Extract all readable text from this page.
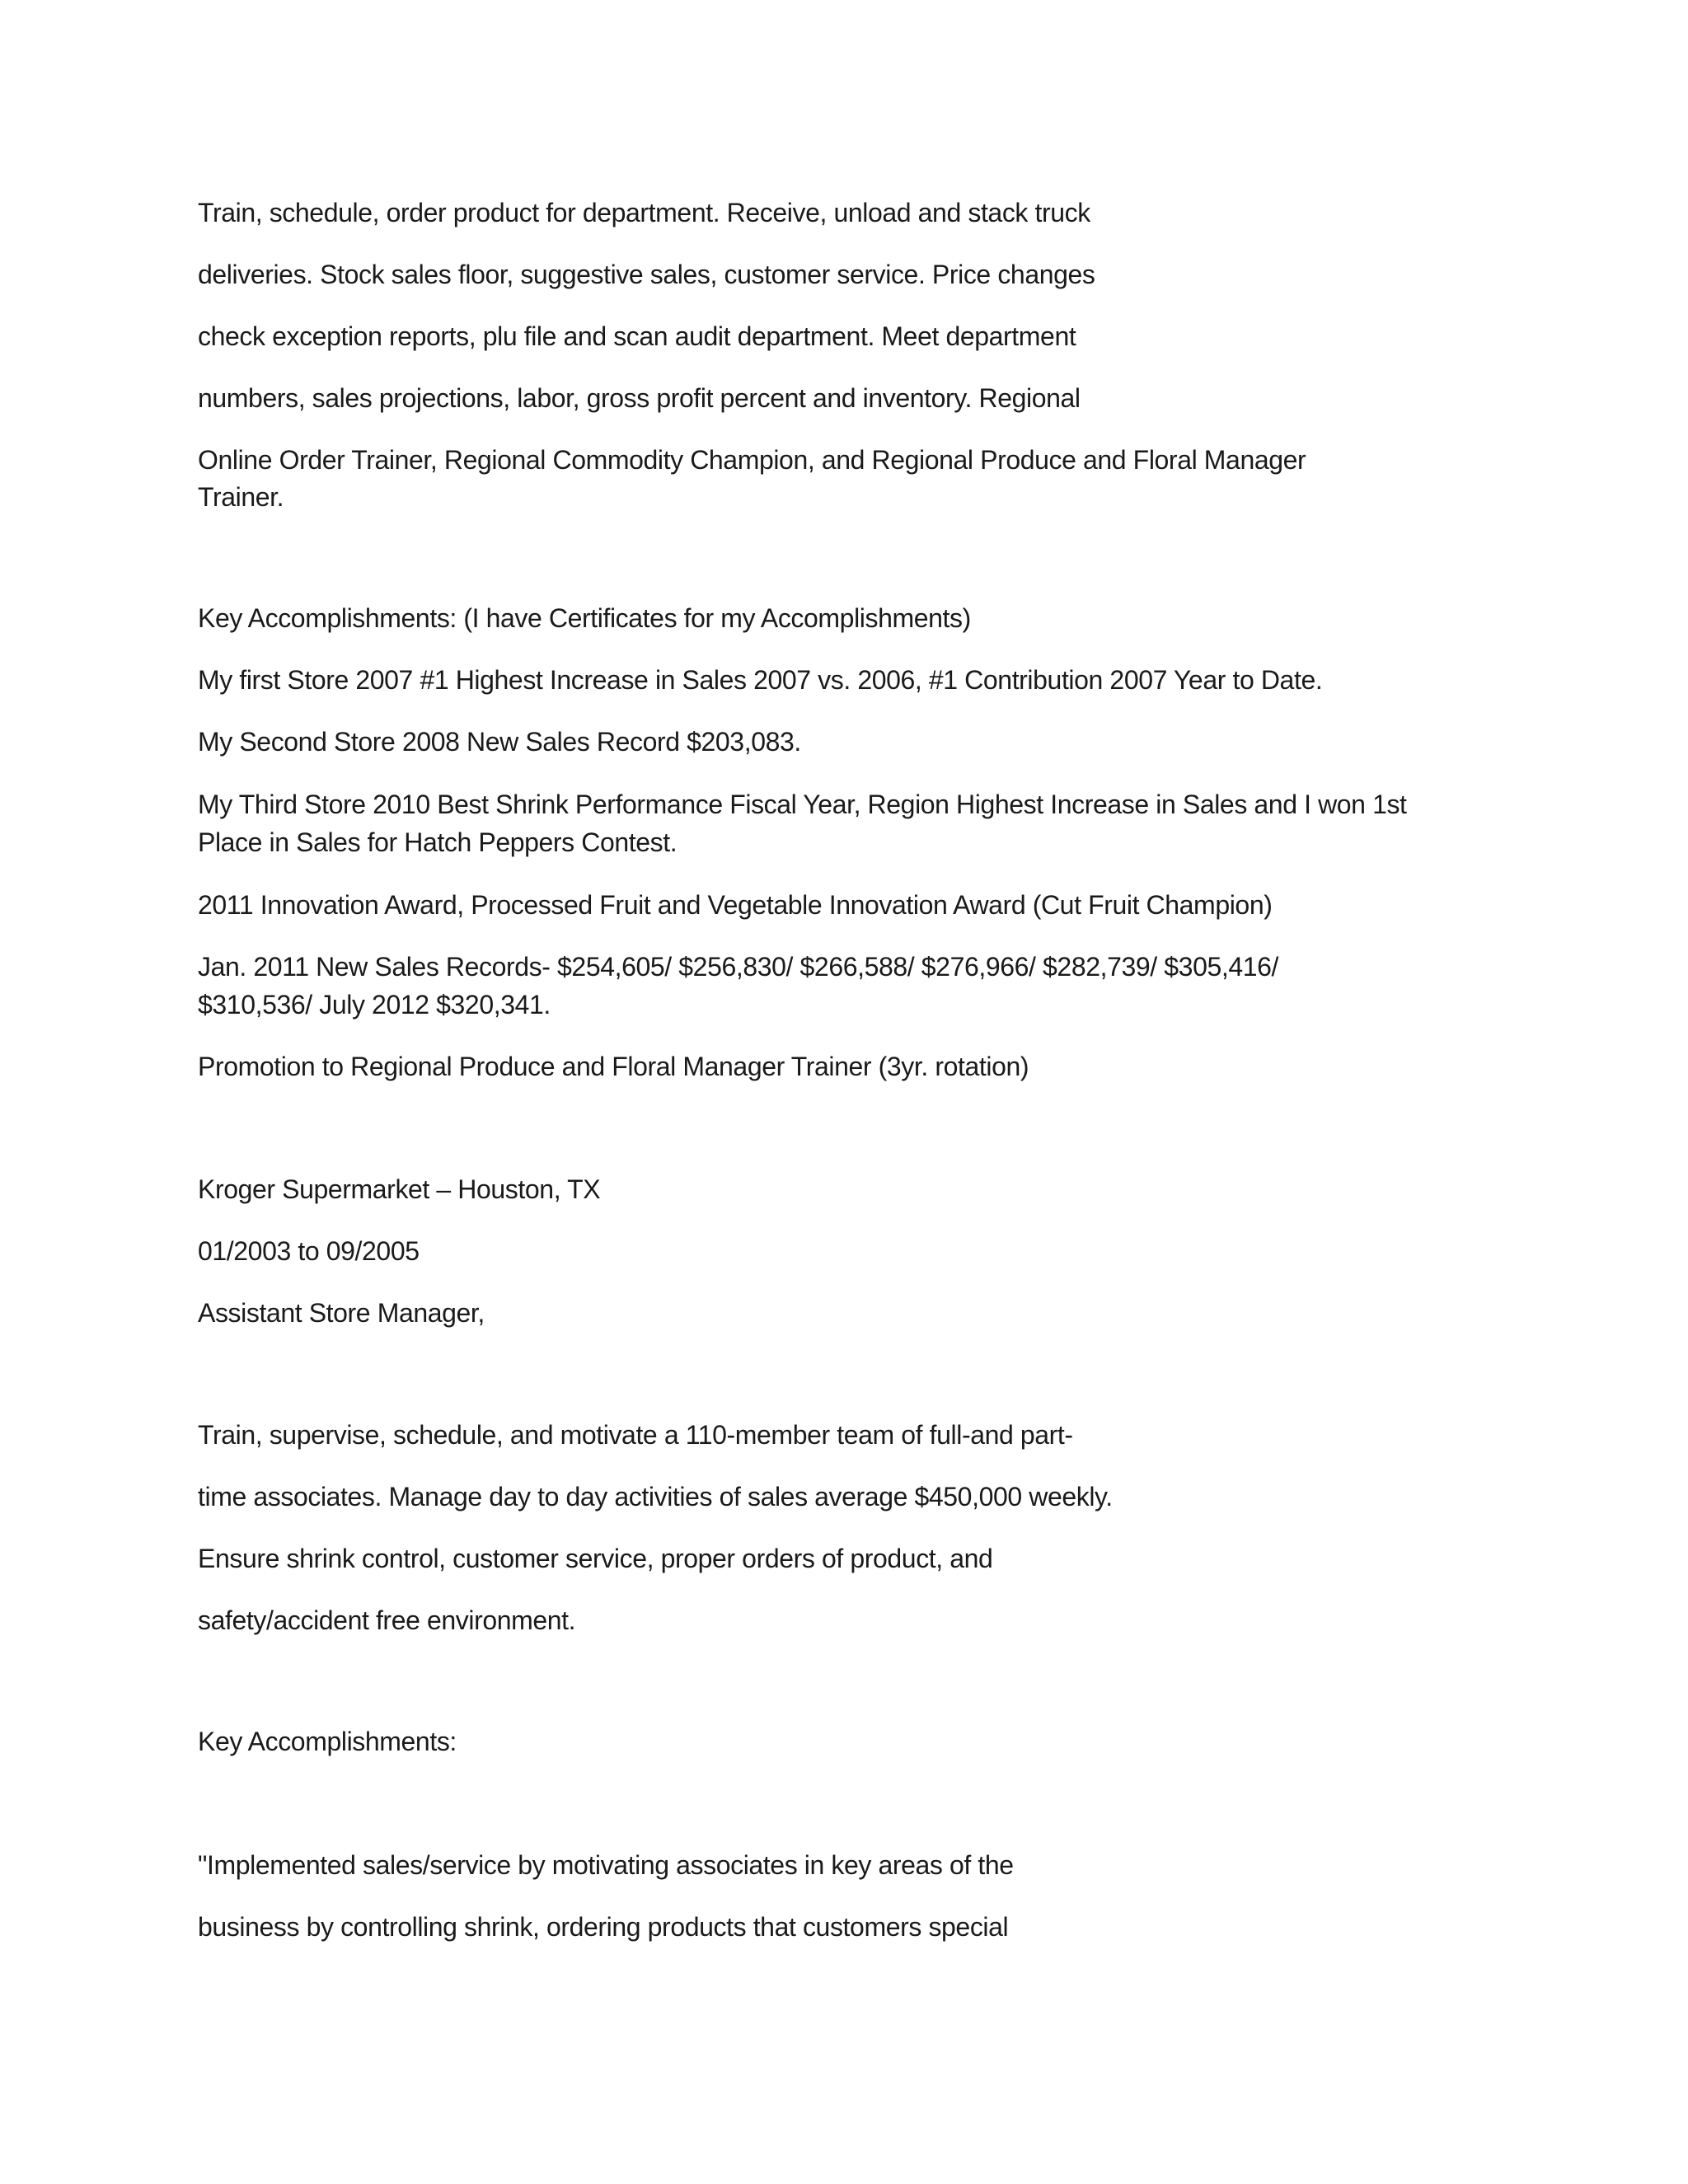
Train, schedule, order product for department. Receive, unload and stack truck

deliveries. Stock sales floor, suggestive sales, customer service. Price changes

check exception reports, plu file and scan audit department. Meet department

numbers, sales projections, labor, gross profit percent and inventory. Regional

Online Order Trainer, Regional Commodity Champion, and Regional Produce and Floral Manager

Trainer.

Key Accomplishments: (I have Certificates for my Accomplishments)

My first Store 2007 #1 Highest Increase in Sales 2007 vs. 2006, #1 Contribution 2007 Year to Date.

My Second Store 2008 New Sales Record $203,083.

My Third Store 2010 Best Shrink Performance Fiscal Year, Region Highest Increase in Sales and I won 1st

Place in Sales for Hatch Peppers Contest.

2011 Innovation Award, Processed Fruit and Vegetable Innovation Award (Cut Fruit Champion)

Jan. 2011 New Sales Records- $254,605/ $256,830/ $266,588/ $276,966/ $282,739/ $305,416/

$310,536/ July 2012 $320,341.

Promotion to Regional Produce and Floral Manager Trainer (3yr. rotation)

Kroger Supermarket – Houston, TX

01/2003 to 09/2005

Assistant Store Manager,

Train, supervise, schedule, and motivate a 110-member team of full-and part-

time associates. Manage day to day activities of sales average $450,000 weekly.

Ensure shrink control, customer service, proper orders of product, and

safety/accident free environment.

Key Accomplishments:

"Implemented sales/service by motivating associates in key areas of the

business by controlling shrink, ordering products that customers special
